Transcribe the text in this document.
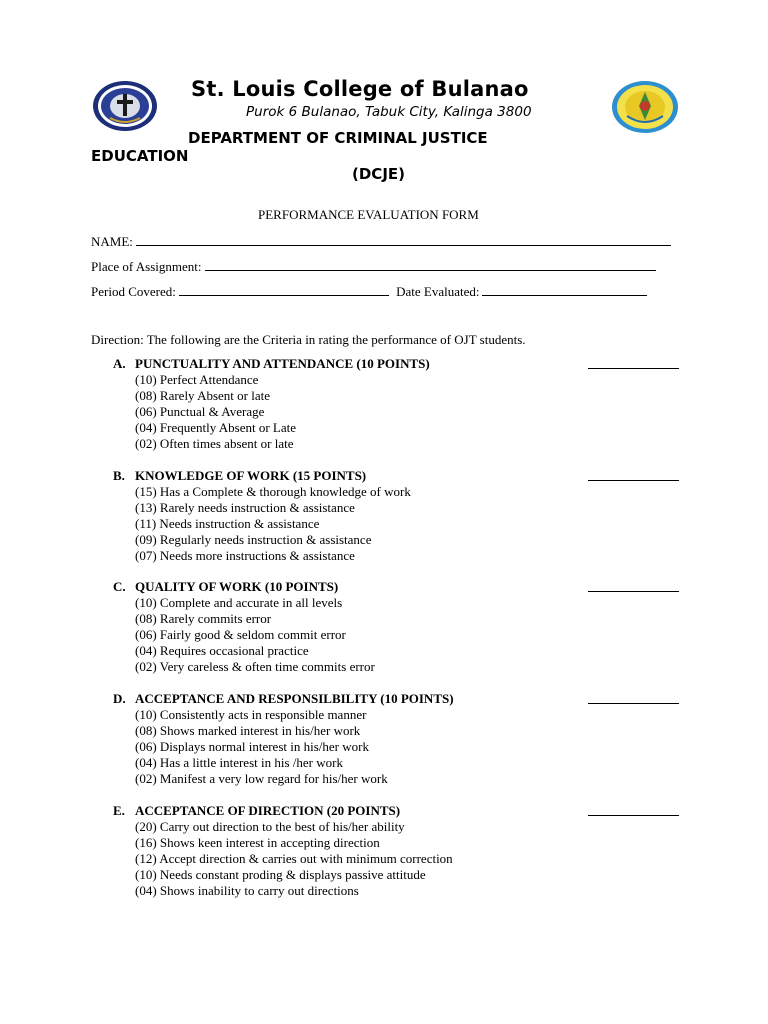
St. Louis College of Bulanao
Purok 6 Bulanao, Tabuk City, Kalinga 3800
DEPARTMENT OF CRIMINAL JUSTICE
EDUCATION
(DCJE)
PERFORMANCE EVALUATION FORM
NAME:
Place of Assignment:
Period Covered:	Date Evaluated:
Direction: The following are the Criteria in rating the performance of OJT students.
A. PUNCTUALITY AND ATTENDANCE (10 POINTS)
(10) Perfect Attendance
(08) Rarely Absent or late
(06) Punctual & Average
(04) Frequently Absent or Late
(02) Often times absent or late
B. KNOWLEDGE OF WORK (15 POINTS)
(15) Has a Complete & thorough knowledge of work
(13) Rarely needs instruction & assistance
(11) Needs instruction & assistance
(09) Regularly needs instruction & assistance
(07) Needs more instructions & assistance
C. QUALITY OF WORK (10 POINTS)
(10) Complete and accurate in all levels
(08) Rarely commits error
(06) Fairly good & seldom commit error
(04) Requires occasional practice
(02) Very careless & often time commits error
D. ACCEPTANCE AND RESPONSILBILITY (10 POINTS)
(10) Consistently acts in responsible manner
(08) Shows marked interest in his/her work
(06) Displays normal interest in his/her work
(04) Has a little interest in his /her work
(02) Manifest a very low regard for his/her work
E. ACCEPTANCE OF DIRECTION (20 POINTS)
(20) Carry out direction to the best of his/her ability
(16) Shows keen interest in accepting direction
(12) Accept direction & carries out with minimum correction
(10) Needs constant proding & displays passive attitude
(04) Shows inability to carry out directions
